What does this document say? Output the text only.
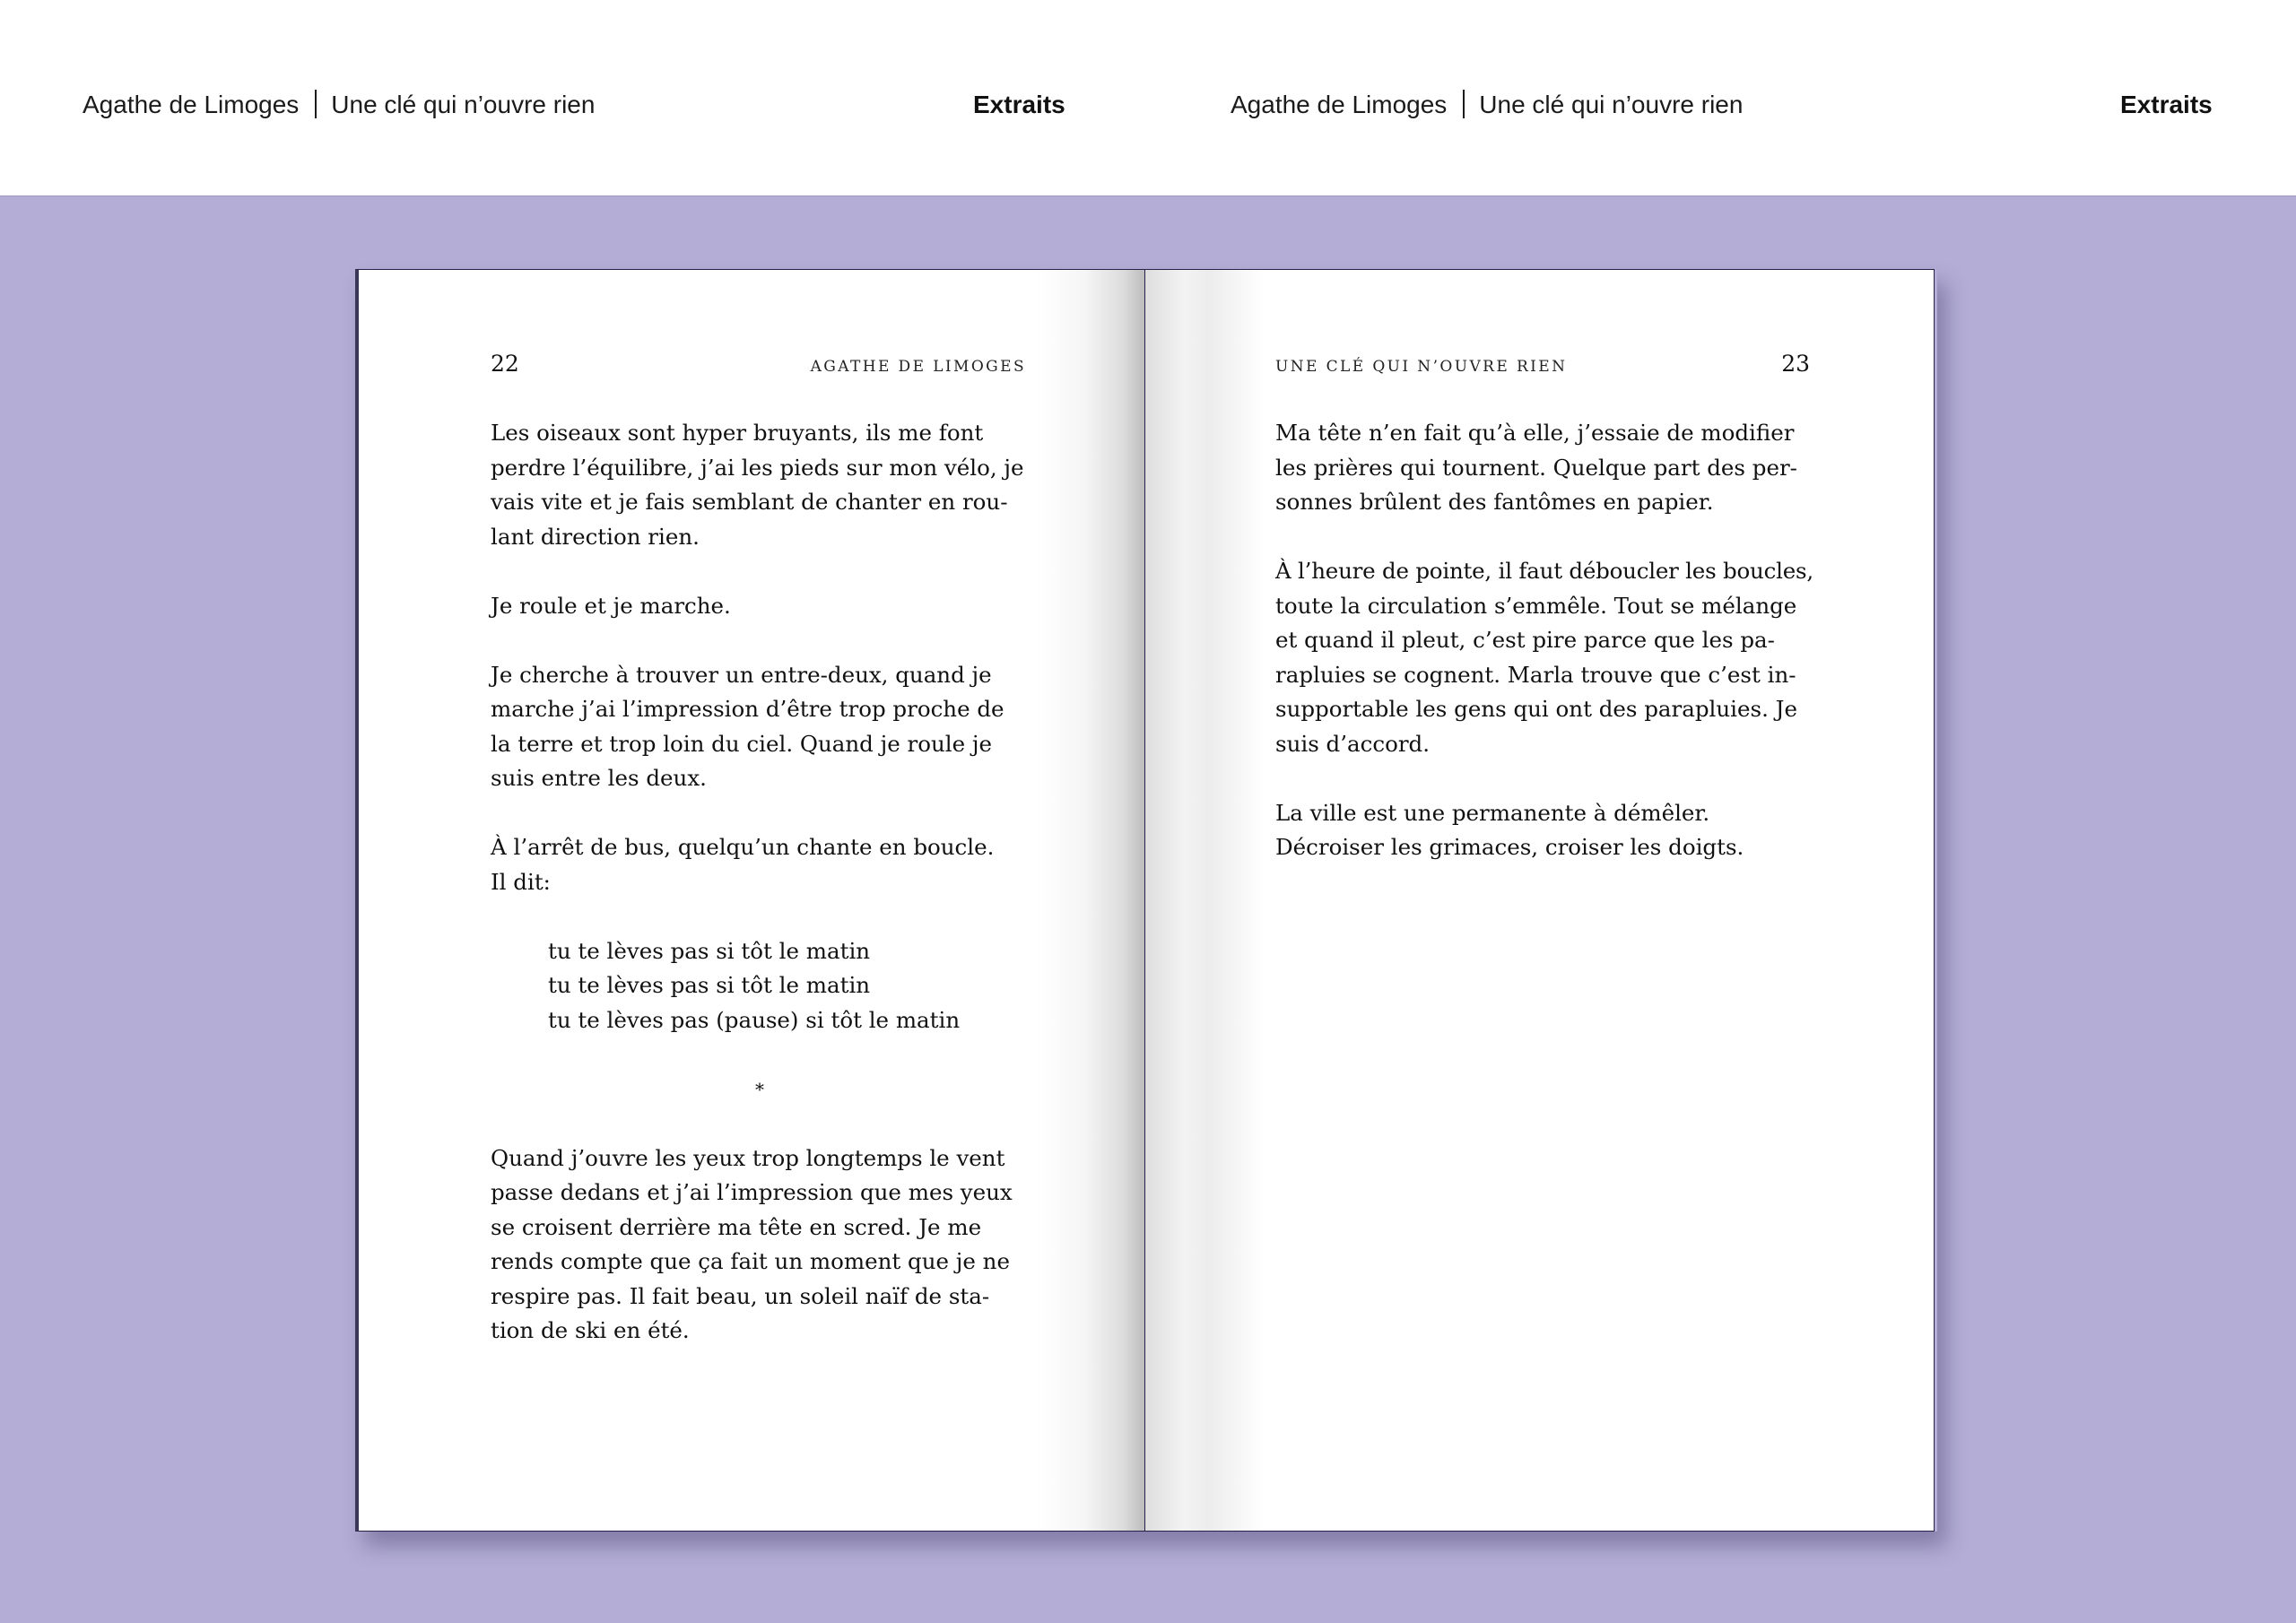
Agathe de Limoges Une clé qui n’ouvre rien	Extraits	Agathe de Limoges Une clé qui n’ouvre rien	Extraits
22	AGATHE DE LIMOGES
Les oiseaux sont hyper bruyants, ils me font
perdre l’équilibre, j’ai les pieds sur mon vélo, je
vais vite et je fais semblant de chanter en rou-
lant direction rien.
Je roule et je marche.
Je cherche à trouver un entre-deux, quand je
marche j’ai l’impression d’être trop proche de
la terre et trop loin du ciel. Quand je roule je
suis entre les deux.
À l’arrêt de bus, quelqu’un chante en boucle.
Il dit:
tu te lèves pas si tôt le matin
tu te lèves pas si tôt le matin
tu te lèves pas (pause) si tôt le matin
*
Quand j’ouvre les yeux trop longtemps le vent
passe dedans et j’ai l’impression que mes yeux
se croisent derrière ma tête en scred. Je me
rends compte que ça fait un moment que je ne
respire pas. Il fait beau, un soleil naïf de sta-
tion de ski en été.
UNE CLÉ QUI N’OUVRE RIEN	23
Ma tête n’en fait qu’à elle, j’essaie de modifier
les prières qui tournent. Quelque part des per-
sonnes brûlent des fantômes en papier.
À l’heure de pointe, il faut déboucler les boucles,
toute la circulation s’emmêle. Tout se mélange
et quand il pleut, c’est pire parce que les pa-
rapluies se cognent. Marla trouve que c’est in-
supportable les gens qui ont des parapluies. Je
suis d’accord.
La ville est une permanente à démêler.
Décroiser les grimaces, croiser les doigts.
